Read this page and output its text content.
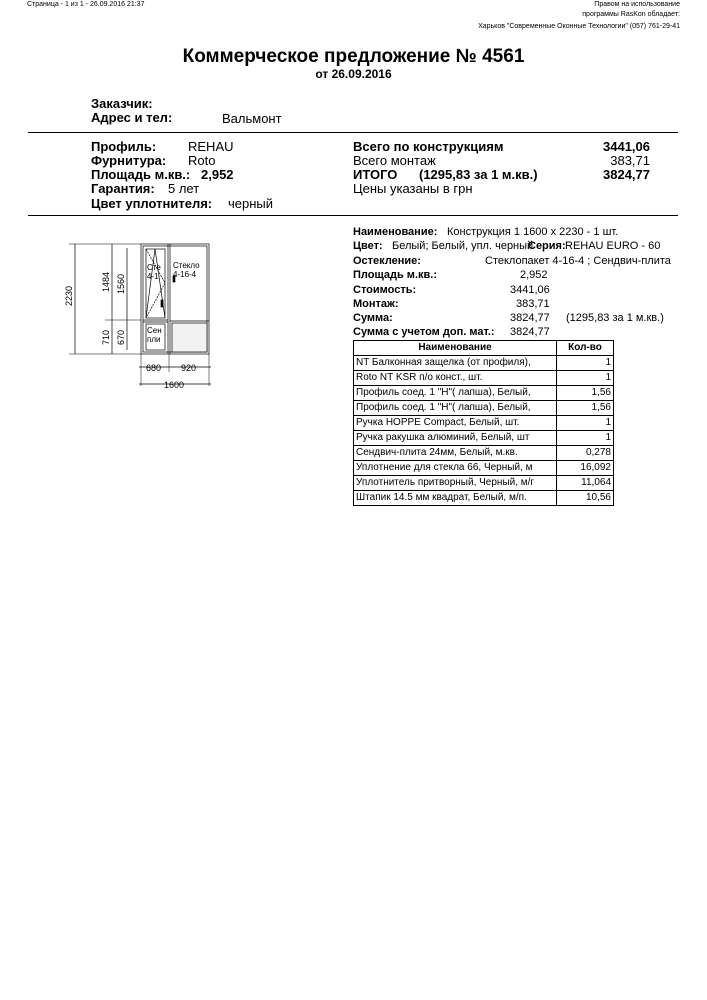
Страница - 1 из 1 - 26.09.2016 21:37	Правом на использование
программы RasKon обладает:
Харьков "Современные Оконные Технологии" (057) 761-29-41
Коммерческое предложение № 4561
от 26.09.2016
Заказчик:
Адрес и тел:	Вальмонт
Профиль: REHAU
Фурнитура: Roto
Площадь м.кв.: 2,952
Гарантия: 5 лет
Цвет уплотнителя: черный
Всего по конструкциям	3441,06
Всего монтаж	383,71
ИТОГО (1295,83 за 1 м.кв.)	3824,77
Цены указаны в грн
Наименование: Конструкция 1 1600 x 2230 - 1 шт.
Цвет: Белый; Белый, упл. черный
Серия: REHAU EURO - 60
Остекление:	Стеклопакет 4-16-4 ; Сендвич-плита
Площадь м.кв.:	2,952
Стоимость:	3441,06
Монтаж:	383,71
Сумма:	3824,77 (1295,83 за 1 м.кв.)
Сумма с учетом доп. мат.: 3824,77
Наименование	Кол-во
NT Балконная защелка (от профиля),	1
Roto NT KSR п/о конст., шт.	1
Профиль соед. 1 "H"( лапша), Белый,	1,56
Профиль соед. 1 "H"( лапша), Белый,	1,56
Ручка HOPPE Compact, Белый, шт.	1
Ручка ракушка алюминий, Белый, шт	1
Сендвич-плита 24мм, Белый, м.кв.	0,278
Уплотнение для стекла 66, Черный, м	16,092
Уплотнитель притворный, Черный, м/г	11,064
Штапик 14.5 мм квадрат, Белый, м/п.	10,56
2230
1484 1560
710 670
680 920
1600
Стекло 4-16-4
Сте 4-1
Сен пли
